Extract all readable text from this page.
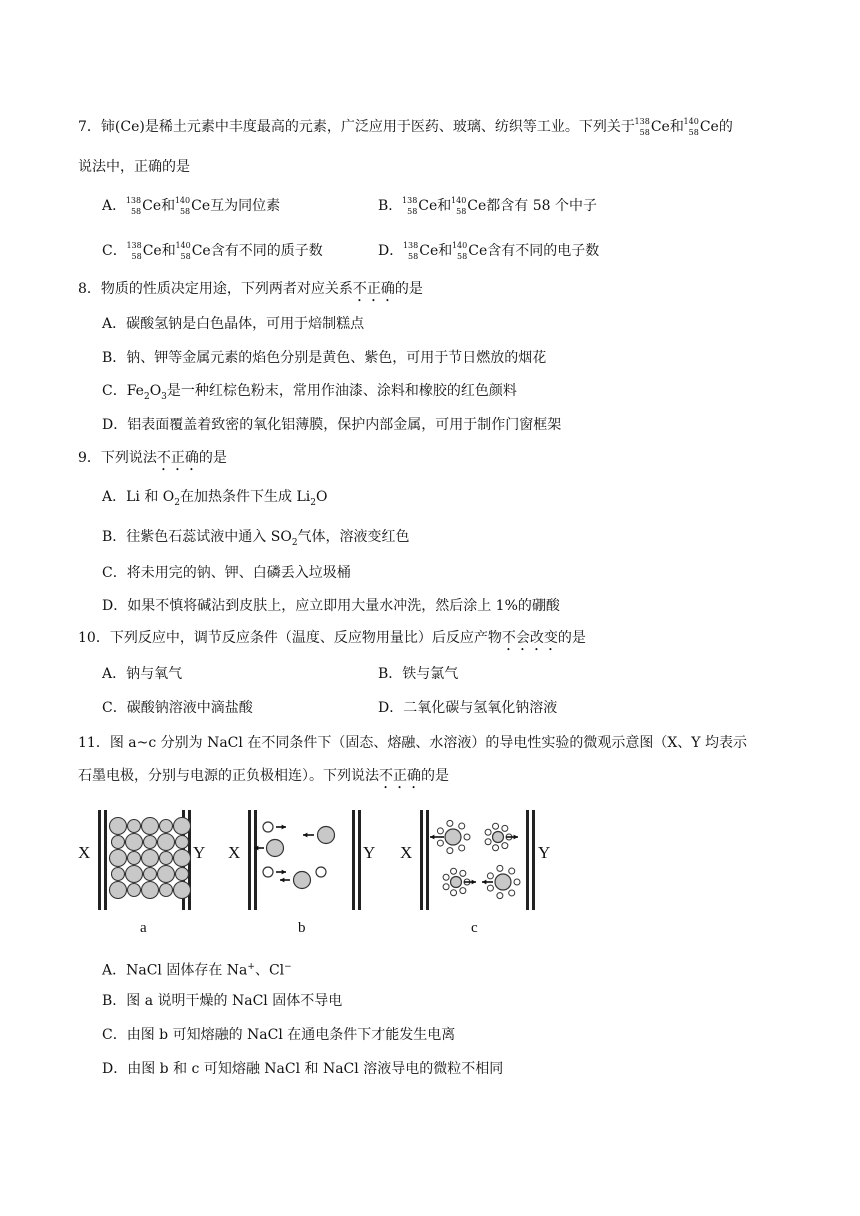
7．铈(Ce)是稀土元素中丰度最高的元素，广泛应用于医药、玻璃、纺织等工业。下列关于 138
58 Ce和 140
58 Ce的
说法中，正确的是
A． 138
58 Ce和 140
58 Ce互为同位素	B． 138
58 Ce和 140
58 Ce都含有 58 个中子
C． 138
58 Ce和 140
58 Ce含有不同的质子数	D． 138
58 Ce和 140
58 Ce含有不同的电子数
8．物质的性质决定用途，下列两者对应关系不正确的是
A．碳酸氢钠是白色晶体，可用于焙制糕点
B．钠、钾等金属元素的焰色分别是黄色、紫色，可用于节日燃放的烟花
C．$Fe_2O_3$是一种红棕色粉末，常用作油漆、涂料和橡胶的红色颜料
D．铝表面覆盖着致密的氧化铝薄膜，保护内部金属，可用于制作门窗框架
9．下列说法不正确的是
A．Li 和 $O_2$在加热条件下生成 $Li_2O$
B．往紫色石蕊试液中通入 $SO_2$气体，溶液变红色
C．将未用完的钠、钾、白磷丢入垃圾桶
D．如果不慎将碱沾到皮肤上，应立即用大量水冲洗，然后涂上 1%的硼酸
10．下列反应中，调节反应条件（温度、反应物用量比）后反应产物不会改变的是
A．钠与氧气	B．铁与氯气
C．碳酸钠溶液中滴盐酸	D．二氧化碳与氢氧化钠溶液
11．图 a~c 分别为 NaCl 在不同条件下（固态、熔融、水溶液）的导电性实验的微观示意图（X、Y 均表示
石墨电极，分别与电源的正负极相连）。下列说法不正确的是
X	Y
a
X	Y
b
X	Y
c
A．NaCl 固体存在 Na+、Cl−
B．图 a 说明干燥的 NaCl 固体不导电
C．由图 b 可知熔融的 NaCl 在通电条件下才能发生电离
D．由图 b 和 c 可知熔融 NaCl 和 NaCl 溶液导电的微粒不相同
